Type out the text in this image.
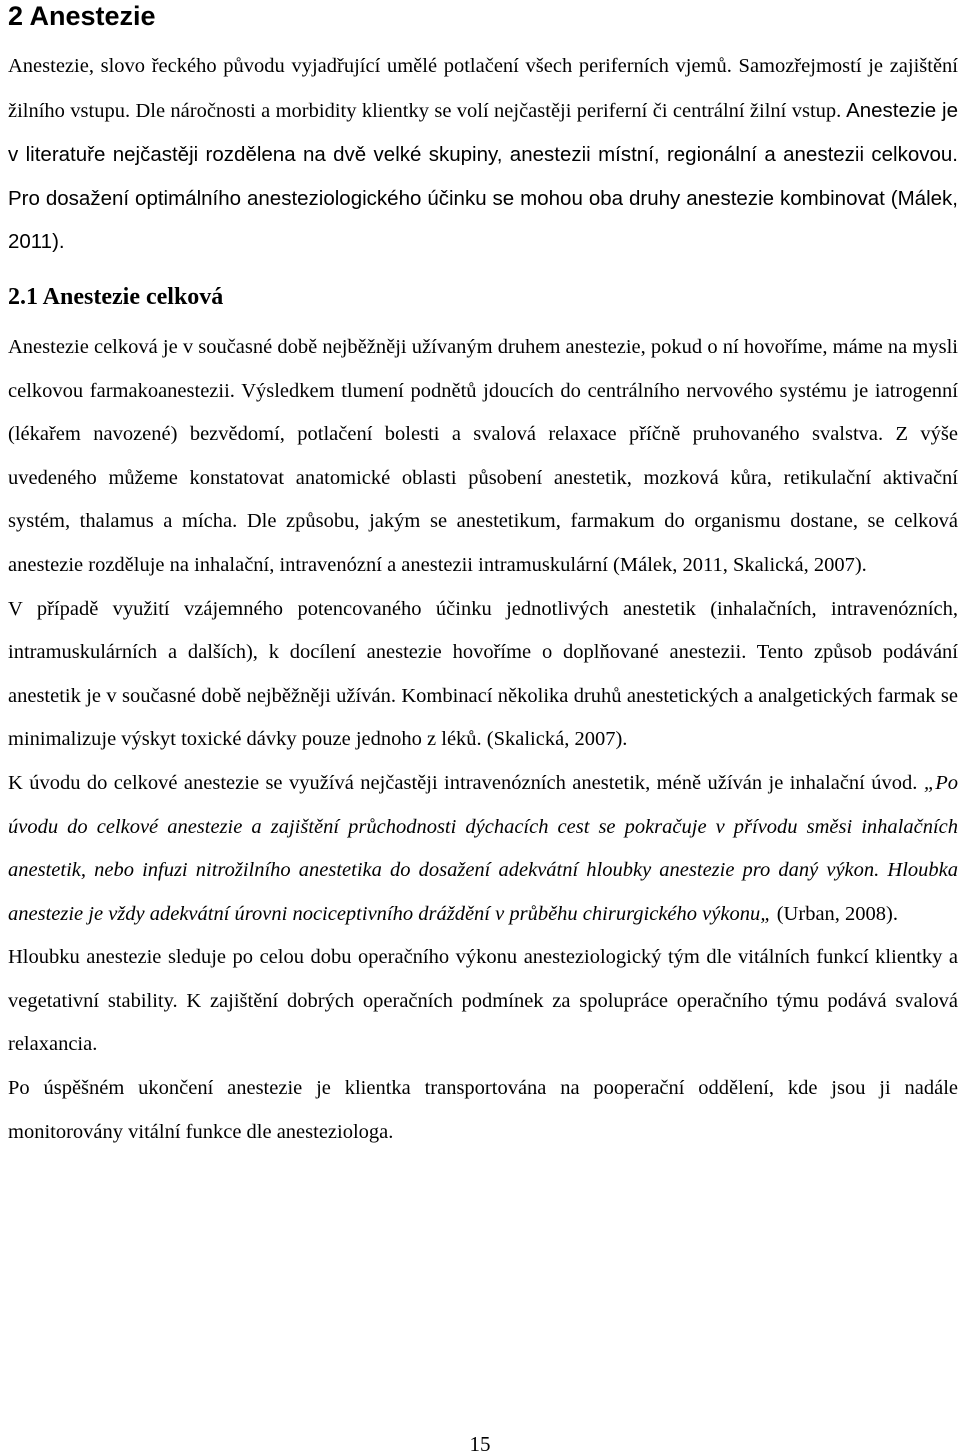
2 Anestezie

Anestezie, slovo řeckého původu vyjadřující umělé potlačení všech periferních vjemů. Samozřejmostí je zajištění žilního vstupu. Dle náročnosti a morbidity klientky se volí nejčastěji periferní či centrální žilní vstup. Anestezie je v literatuře nejčastěji rozdělena na dvě velké skupiny, anestezii místní, regionální a anestezii celkovou. Pro dosažení optimálního anesteziologického účinku se mohou oba druhy anestezie kombinovat (Málek, 2011).

2.1 Anestezie celková

Anestezie celková je v současné době nejběžněji užívaným druhem anestezie, pokud o ní hovoříme, máme na mysli celkovou farmakoanestezii. Výsledkem tlumení podnětů jdoucích do centrálního nervového systému je iatrogenní (lékařem navozené) bezvědomí, potlačení bolesti a svalová relaxace příčně pruhovaného svalstva. Z výše uvedeného můžeme konstatovat anatomické oblasti působení anestetik, mozková kůra, retikulační aktivační systém, thalamus a mícha. Dle způsobu, jakým se anestetikum, farmakum do organismu dostane, se celková anestezie rozděluje na inhalační, intravenózní a anestezii intramuskulární (Málek, 2011, Skalická, 2007).

V případě využití vzájemného potencovaného účinku jednotlivých anestetik (inhalačních, intravenózních, intramuskulárních a dalších), k docílení anestezie hovoříme o doplňované anestezii. Tento způsob podávání anestetik je v současné době nejběžněji užíván. Kombinací několika druhů anestetických a analgetických farmak se minimalizuje výskyt toxické dávky pouze jednoho z léků. (Skalická, 2007).

K úvodu do celkové anestezie se využívá nejčastěji intravenózních anestetik, méně užíván je inhalační úvod. „Po úvodu do celkové anestezie a zajištění průchodnosti dýchacích cest se pokračuje v přívodu směsi inhalačních anestetik, nebo infuzi nitrožilního anestetika do dosažení adekvátní hloubky anestezie pro daný výkon. Hloubka anestezie je vždy adekvátní úrovni nociceptivního dráždění v průběhu chirurgického výkonu„ (Urban, 2008).

Hloubku anestezie sleduje po celou dobu operačního výkonu anesteziologický tým dle vitálních funkcí klientky a vegetativní stability. K zajištění dobrých operačních podmínek za spolupráce operačního týmu podává svalová relaxancia.

Po úspěšném ukončení anestezie je klientka transportována na pooperační oddělení, kde jsou ji nadále monitorovány vitální funkce dle anesteziologa.

15
